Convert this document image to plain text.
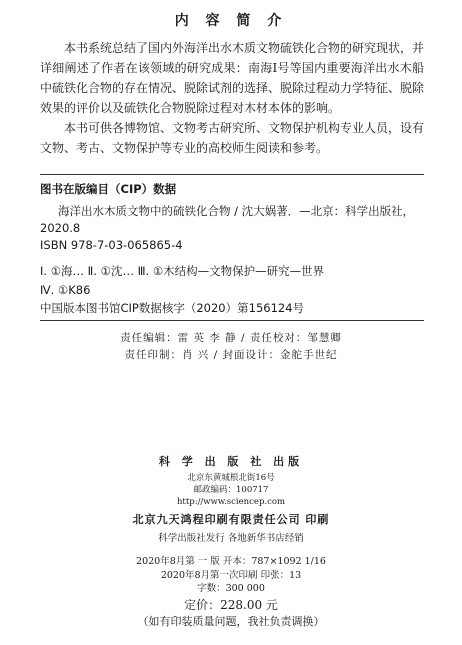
内 容 简 介
本书系统总结了国内外海洋出水木质文物硫铁化合物的研究现状，并详细阐述了作者在该领域的研究成果：南海Ⅰ号等国内重要海洋出水木船中硫铁化合物的存在情况、脱除试剂的选择、脱除过程动力学特征、脱除效果的评价以及硫铁化合物脱除过程对木材本体的影响。
本书可供各博物馆、文物考古研究所、文物保护机构专业人员，设有文物、考古、文物保护等专业的高校师生阅读和参考。
图书在版编目（CIP）数据
海洋出水木质文物中的硫铁化合物 / 沈大娲著．—北京：科学出版社，
2020.8
ISBN 978-7-03-065865-4
Ⅰ. ①海… Ⅱ. ①沈… Ⅲ. ①木结构—文物保护—研究—世界
Ⅳ. ①K86
中国版本图书馆CIP数据核字（2020）第156124号
责任编辑：雷 英 李 静 / 责任校对：邹慧卿
责任印制：肖 兴 / 封面设计：金舵手世纪
科 学 出 版 社 出版
北京东黄城根北街16号
邮政编码：100717
http://www.sciencep.com
北京九天鸿程印刷有限责任公司 印刷
科学出版社发行 各地新华书店经销
2020年8月第 一 版 开本：787×1092 1/16
2020年8月第一次印刷 印张：13
字数：300 000
定价：228.00 元
（如有印装质量问题，我社负责调换）
